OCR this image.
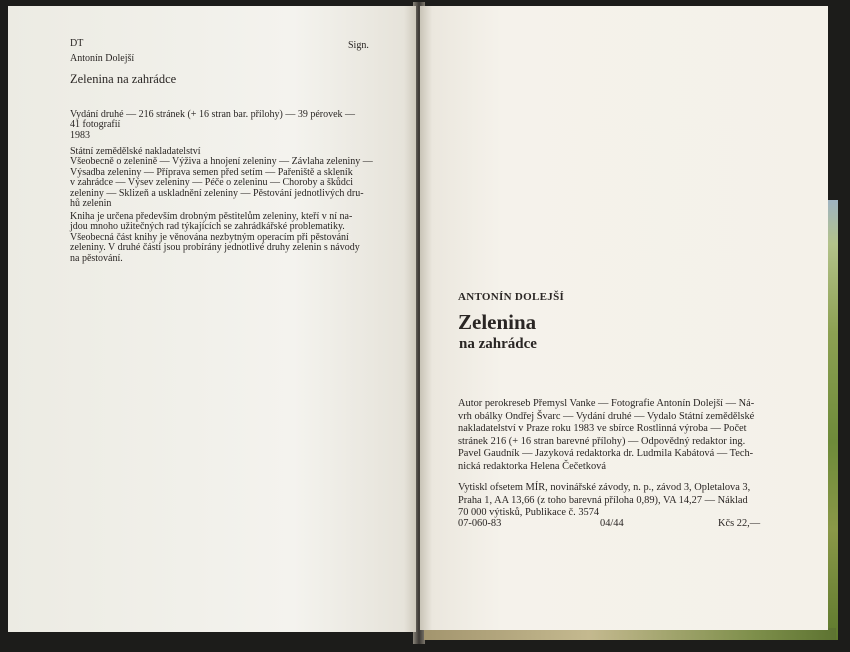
DT	Sign.

Antonín Dolejší

Zelenina na zahrádce

Vydání druhé — 216 stránek (+ 16 stran bar. přílohy) — 39 pérovek —
41 fotografií
1983
Státní zemědělské nakladatelství
Všeobecně o zelenině — Výživa a hnojení zeleniny — Závlaha zeleniny —
Výsadba zeleniny — Příprava semen před setím — Pařeniště a skleník
v zahrádce — Výsev zeleniny — Péče o zeleninu — Choroby a škůdci
zeleniny — Sklizeň a uskladnění zeleniny — Pěstování jednotlivých dru-
hů zelenin
Kniha je určena především drobným pěstitelům zeleniny, kteří v ní na-
jdou mnoho užitečných rad týkajících se zahrádkářské problematiky.
Všeobecná část knihy je věnována nezbytným operacím při pěstování
zeleniny. V druhé části jsou probírány jednotlivé druhy zelenin s návody
na pěstování.

ANTONÍN DOLEJŠÍ

Zelenina

na zahrádce

Autor perokreseb Přemysl Vanke — Fotografie Antonín Dolejší — Ná-
vrh obálky Ondřej Švarc — Vydání druhé — Vydalo Státní zemědělské
nakladatelství v Praze roku 1983 ve sbírce Rostlinná výroba — Počet
stránek 216 (+ 16 stran barevné přílohy) — Odpovědný redaktor ing.
Pavel Gaudník — Jazyková redaktorka dr. Ludmila Kabátová — Tech-
nická redaktorka Helena Čečetková
Vytiskl ofsetem MÍR, novinářské závody, n. p., závod 3, Opletalova 3,
Praha 1, AA 13,66 (z toho barevná příloha 0,89), VA 14,27 — Náklad
70 000 výtisků, Publikace č. 3574

07-060-83	04/44	Kčs 22,—
